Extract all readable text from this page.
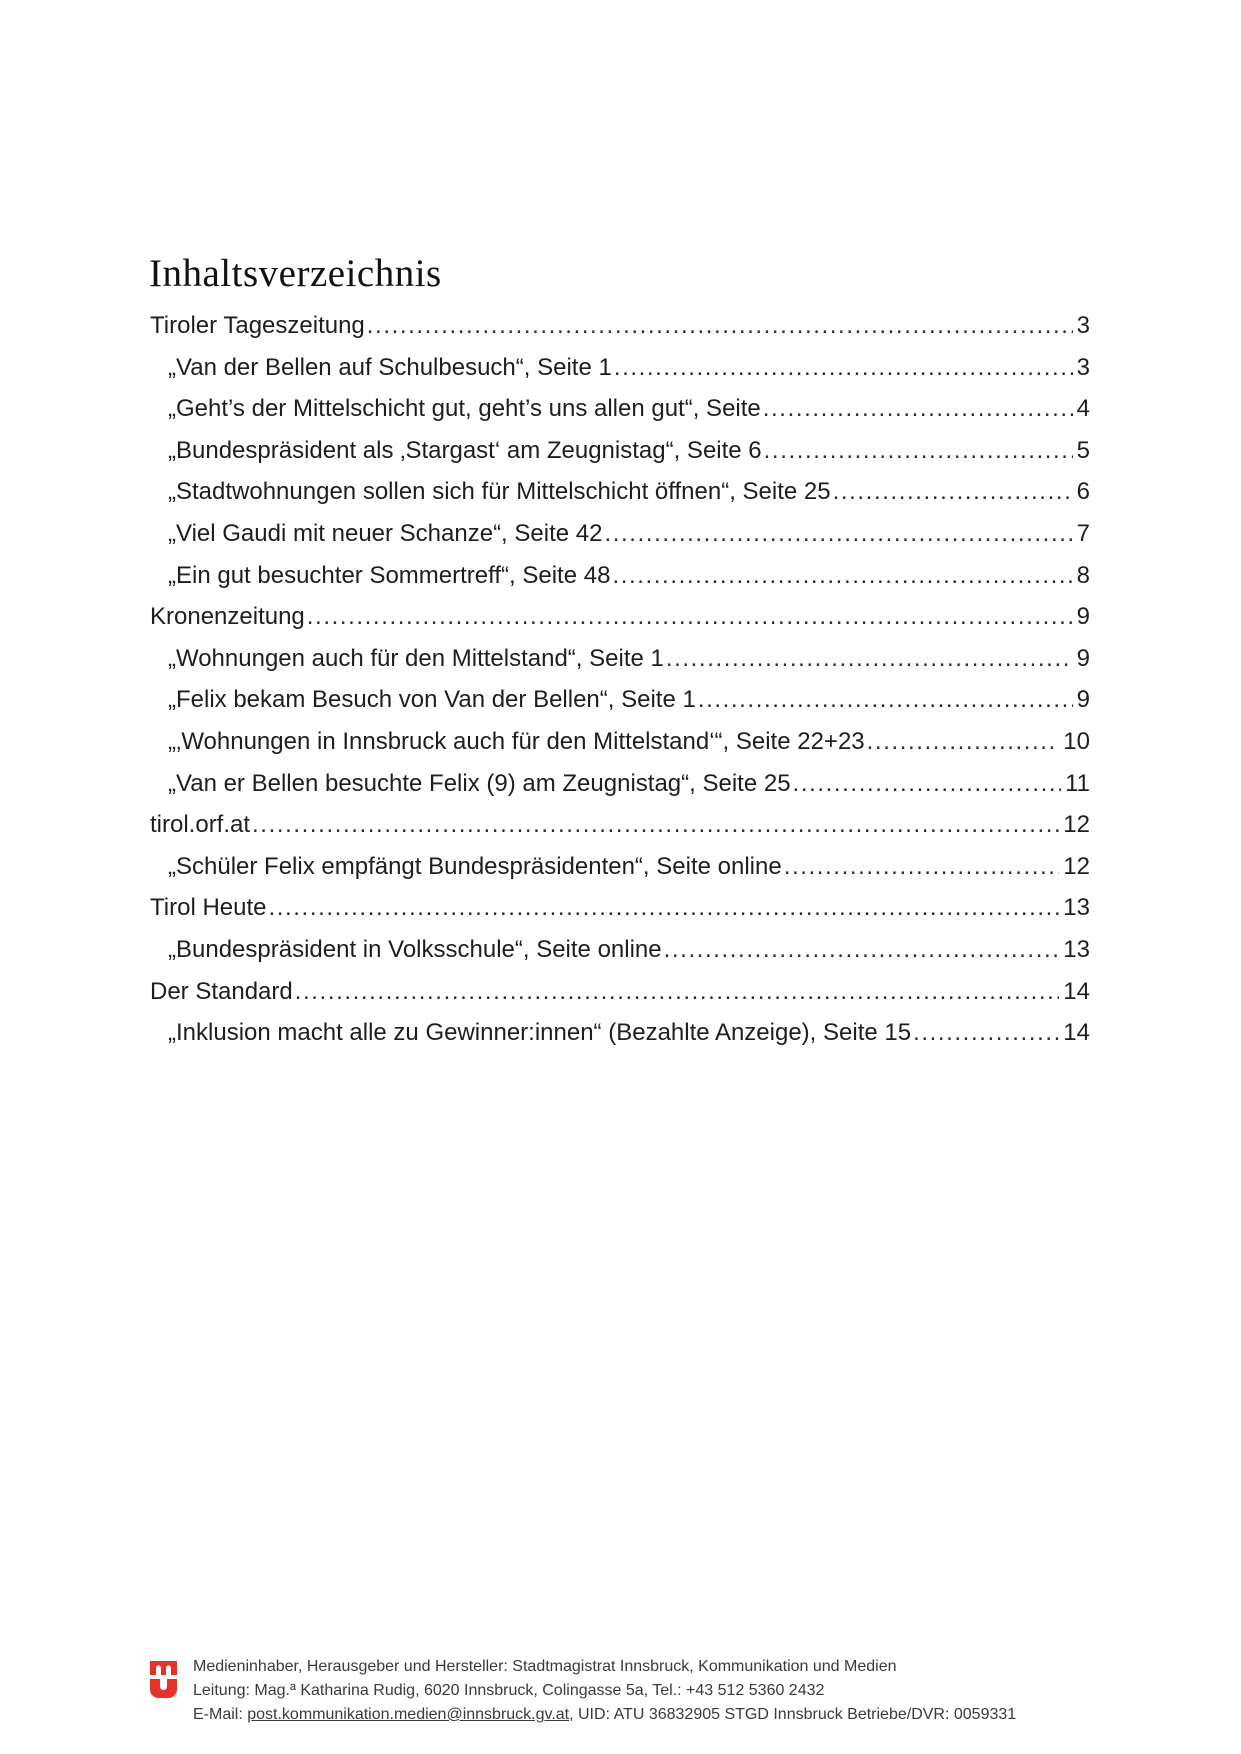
Inhaltsverzeichnis
Tiroler Tageszeitung .....	3
„Van der Bellen auf Schulbesuch“, Seite 1 .....	3
„Geht’s der Mittelschicht gut, geht’s uns allen gut“, Seite .....	4
„Bundespräsident als ‚Stargast‘ am Zeugnistag“, Seite 6 .....	5
„Stadtwohnungen sollen sich für Mittelschicht öffnen“, Seite 25 .....	6
„Viel Gaudi mit neuer Schanze“, Seite 42 .....	7
„Ein gut besuchter Sommertreff“, Seite 48 .....	8
Kronenzeitung .....	9
„Wohnungen auch für den Mittelstand“, Seite 1 .....	9
„Felix bekam Besuch von Van der Bellen“, Seite 1 .....	9
„‚Wohnungen in Innsbruck auch für den Mittelstand‘“, Seite 22+23 .....	10
„Van er Bellen besuchte Felix (9) am Zeugnistag“, Seite 25 .....	11
tirol.orf.at .....	12
„Schüler Felix empfängt Bundespräsidenten“, Seite online .....	12
Tirol Heute .....	13
„Bundespräsident in Volksschule“, Seite online .....	13
Der Standard .....	14
„Inklusion macht alle zu Gewinner:innen“ (Bezahlte Anzeige), Seite 15 .....	14
Medieninhaber, Herausgeber und Hersteller: Stadtmagistrat Innsbruck, Kommunikation und Medien
Leitung: Mag.ª Katharina Rudig, 6020 Innsbruck, Colingasse 5a, Tel.: +43 512 5360 2432
E-Mail: post.kommunikation.medien@innsbruck.gv.at, UID: ATU 36832905 STGD Innsbruck Betriebe/DVR: 0059331
